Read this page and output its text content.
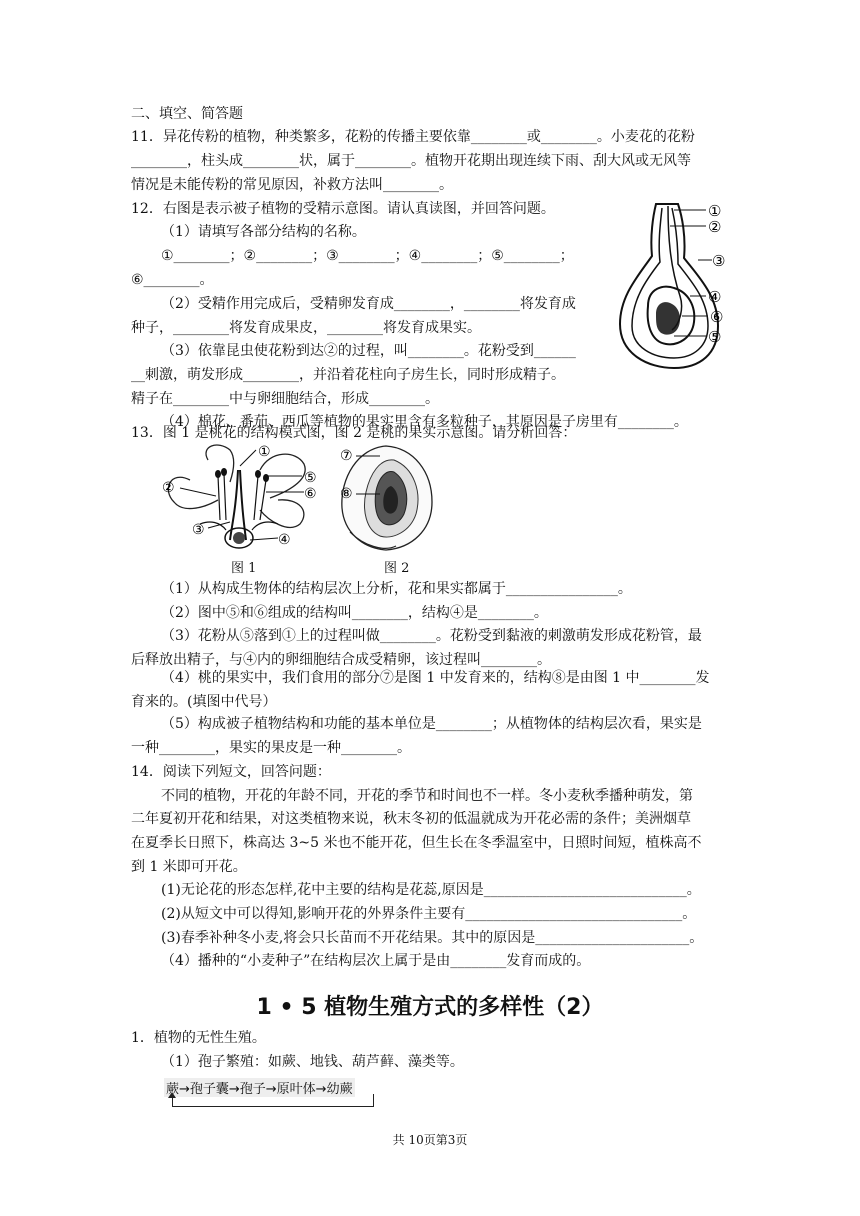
二、填空、简答题
11．异花传粉的植物，种类繁多，花粉的传播主要依靠________或________。小麦花的花粉
________，柱头成________状，属于________。植物开花期出现连续下雨、刮大风或无风等
情况是未能传粉的常见原因，补救方法叫________。
12．右图是表示被子植物的受精示意图。请认真读图，并回答问题。
（1）请填写各部分结构的名称。
①________；②________；③________；④________；⑤________；
⑥________。
（2）受精作用完成后，受精卵发育成________，________将发育成
种子，________将发育成果皮，________将发育成果实。
（3）依靠昆虫使花粉到达②的过程，叫________。花粉受到______
__刺激，萌发形成________，并沿着花柱向子房生长，同时形成精子。
精子在________中与卵细胞结合，形成________。
（4）棉花、番茄、西瓜等植物的果实里含有多粒种子，其原因是子房里有________。
①
②
③
④
⑥
⑤
13．图 1 是桃花的结构模式图，图 2 是桃的果实示意图。请分析回答：
①
②
③
④
⑤
⑥
⑦
⑧
图 1	图 2
（1）从构成生物体的结构层次上分析，花和果实都属于________________。
（2）图中⑤和⑥组成的结构叫________，结构④是________。
（3）花粉从⑤落到①上的过程叫做________。花粉受到黏液的刺激萌发形成花粉管，最
后释放出精子，与④内的卵细胞结合成受精卵，该过程叫________。
（4）桃的果实中，我们食用的部分⑦是图 1 中发育来的，结构⑧是由图 1 中________发
育来的。(填图中代号）
（5）构成被子植物结构和功能的基本单位是________；从植物体的结构层次看，果实是
一种________，果实的果皮是一种________。
14．阅读下列短文，回答问题：
不同的植物，开花的年龄不同，开花的季节和时间也不一样。冬小麦秋季播种萌发，第
二年夏初开花和结果，对这类植物来说，秋末冬初的低温就成为开花必需的条件；美洲烟草
在夏季长日照下，株高达 3~5 米也不能开花，但生长在冬季温室中，日照时间短，植株高不
到 1 米即可开花。
(1)无论花的形态怎样,花中主要的结构是花蕊,原因是_____________________________。
(2)从短文中可以得知,影响开花的外界条件主要有_______________________________。
(3)春季补种冬小麦,将会只长苗而不开花结果。其中的原因是______________________。
（4）播种的“小麦种子”在结构层次上属于是由________发育而成的。
1 • 5 植物生殖方式的多样性（2）
1．植物的无性生殖。
（1）孢子繁殖：如蕨、地钱、葫芦藓、藻类等。
蕨→孢子囊→孢子→原叶体→幼蕨
共 10页第3页
